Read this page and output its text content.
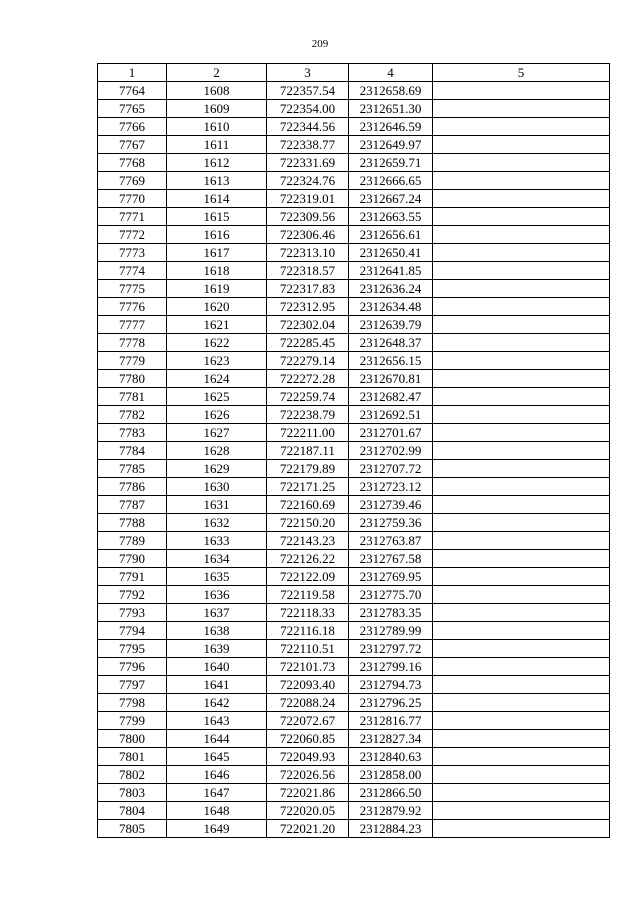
209
1	2	3	4	5
7764	1608	722357.54	2312658.69	
7765	1609	722354.00	2312651.30	
7766	1610	722344.56	2312646.59	
7767	1611	722338.77	2312649.97	
7768	1612	722331.69	2312659.71	
7769	1613	722324.76	2312666.65	
7770	1614	722319.01	2312667.24	
7771	1615	722309.56	2312663.55	
7772	1616	722306.46	2312656.61	
7773	1617	722313.10	2312650.41	
7774	1618	722318.57	2312641.85	
7775	1619	722317.83	2312636.24	
7776	1620	722312.95	2312634.48	
7777	1621	722302.04	2312639.79	
7778	1622	722285.45	2312648.37	
7779	1623	722279.14	2312656.15	
7780	1624	722272.28	2312670.81	
7781	1625	722259.74	2312682.47	
7782	1626	722238.79	2312692.51	
7783	1627	722211.00	2312701.67	
7784	1628	722187.11	2312702.99	
7785	1629	722179.89	2312707.72	
7786	1630	722171.25	2312723.12	
7787	1631	722160.69	2312739.46	
7788	1632	722150.20	2312759.36	
7789	1633	722143.23	2312763.87	
7790	1634	722126.22	2312767.58	
7791	1635	722122.09	2312769.95	
7792	1636	722119.58	2312775.70	
7793	1637	722118.33	2312783.35	
7794	1638	722116.18	2312789.99	
7795	1639	722110.51	2312797.72	
7796	1640	722101.73	2312799.16	
7797	1641	722093.40	2312794.73	
7798	1642	722088.24	2312796.25	
7799	1643	722072.67	2312816.77	
7800	1644	722060.85	2312827.34	
7801	1645	722049.93	2312840.63	
7802	1646	722026.56	2312858.00	
7803	1647	722021.86	2312866.50	
7804	1648	722020.05	2312879.92	
7805	1649	722021.20	2312884.23	
